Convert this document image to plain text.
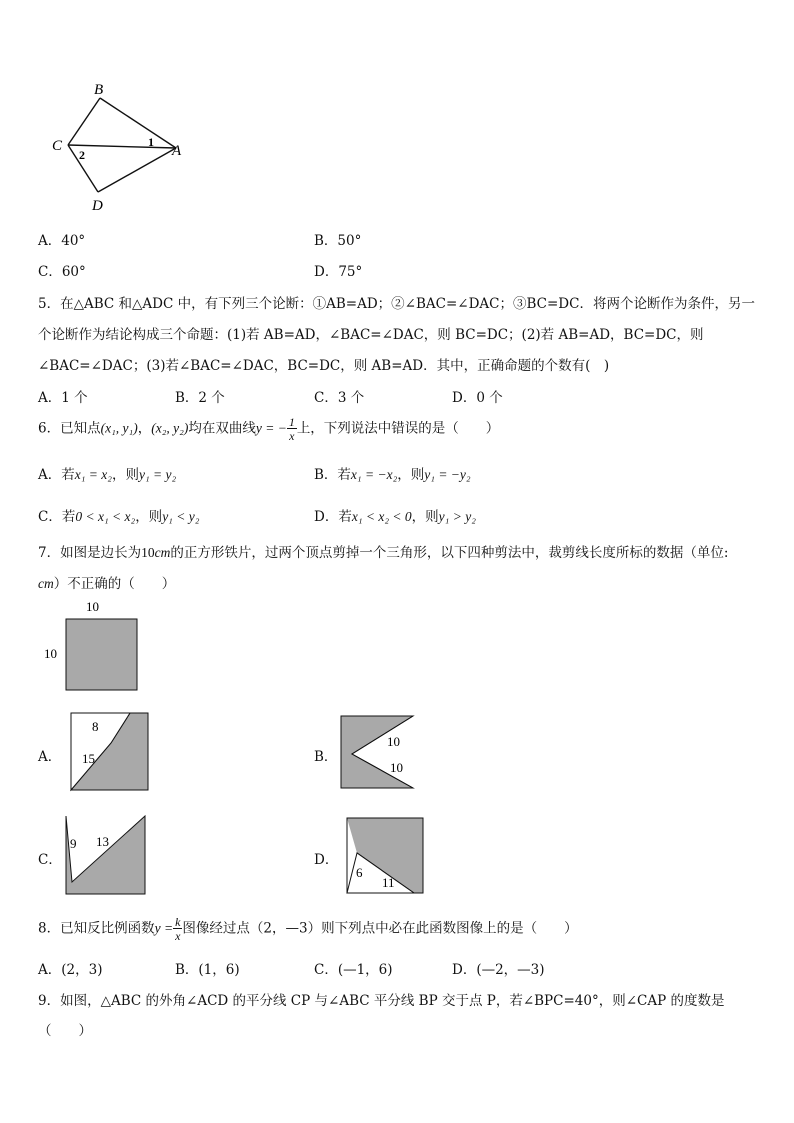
B
C	A
D
1
2
A．40°	B．50°
C．60°	D．75°
5．在△ABC 和△ADC 中，有下列三个论断：①AB=AD；②∠BAC=∠DAC；③BC=DC．将两个论断作为条件，另一
个论断作为结论构成三个命题：(1)若 AB=AD，∠BAC=∠DAC，则 BC=DC；(2)若 AB=AD，BC=DC，则
∠BAC=∠DAC；(3)若∠BAC=∠DAC，BC=DC，则 AB=AD．其中，正确命题的个数有(　)
A．1 个	B．2 个	C．3 个	D．0 个
6．已知点(x₁, y₁)，(x₂, y₂)均在双曲线y = − $\frac{1}{x}$ 上，下列说法中错误的是（　　）
A．若x₁ = x₂，则y₁ = y₂	B．若x₁ = −x₂，则y₁ = −y₂
C．若0 < x₁ < x₂，则y₁ < y₂	D．若x₁ < x₂ < 0，则y₁ > y₂
7．如图是边长为10cm的正方形铁片，过两个顶点剪掉一个三角形，以下四种剪法中，裁剪线长度所标的数据（单位:
cm）不正确的（　　）
10
10
A．
8
15	B．
10
10
C．
9 13
D．
6
11
8．已知反比例函数$y = \frac{k}{x}$ 图像经过点（2，—3）则下列点中必在此函数图像上的是（　　）
A．(2，3)	B．(1，6)	C．(—1，6)	D．(—2，—3)
9．如图，△ABC 的外角∠ACD 的平分线 CP 与∠ABC 平分线 BP 交于点 P，若∠BPC=40°，则∠CAP 的度数是
（　　）
